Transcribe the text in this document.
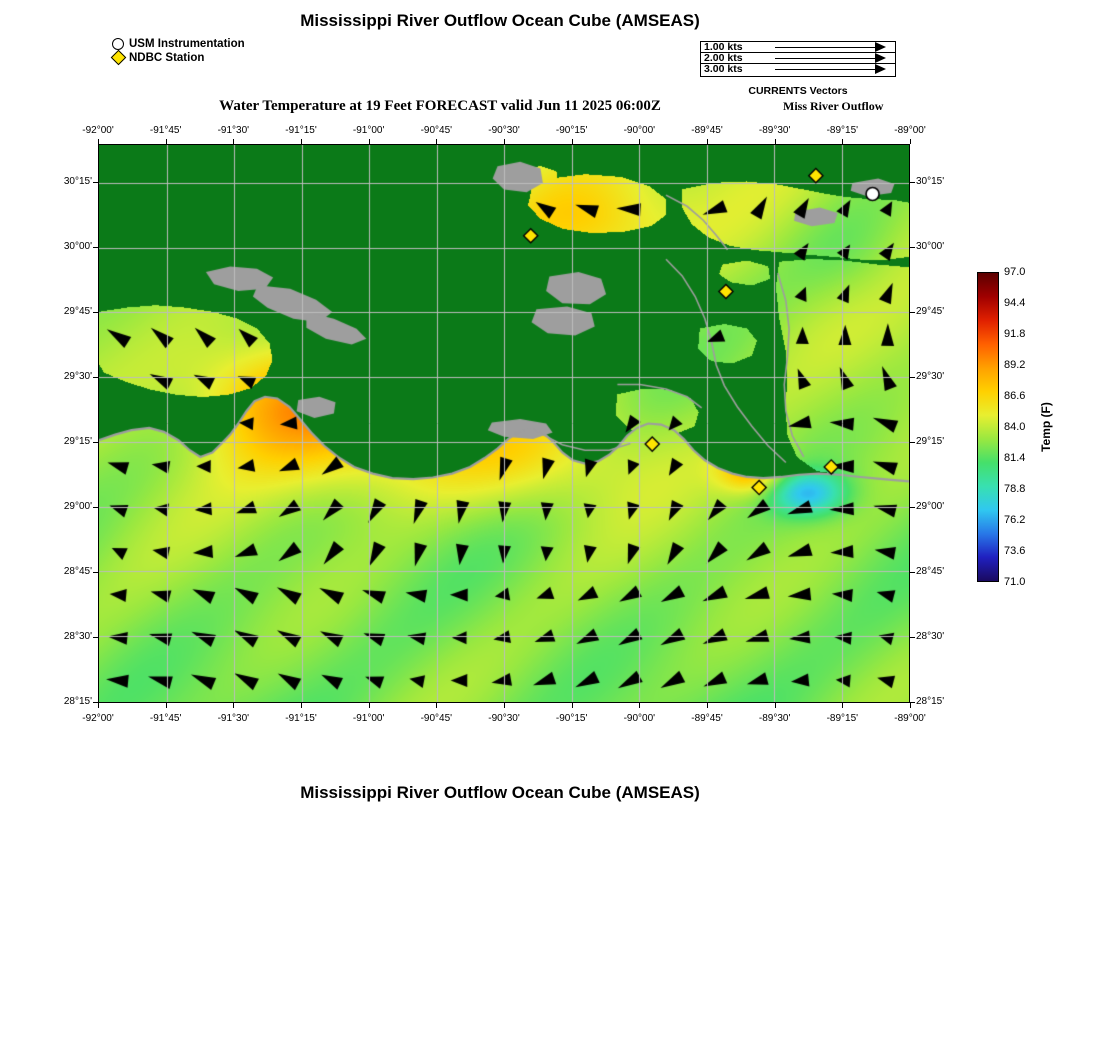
Mississippi River Outflow Ocean Cube (AMSEAS)
USM Instrumentation
NDBC Station
1.00 kts
2.00 kts
3.00 kts
CURRENTS Vectors
Water Temperature at 19 Feet FORECAST valid Jun 11 2025 06:00Z	Miss River Outflow
-92°00'
-92°00'
-91°45'
-91°45'
-91°30'
-91°30'
-91°15'
-91°15'
-91°00'
-91°00'
-90°45'
-90°45'
-90°30'
-90°30'
-90°15'
-90°15'
-90°00'
-90°00'
-89°45'
-89°45'
-89°30'
-89°30'
-89°15'
-89°15'
-89°00'
-89°00'
30°15'	30°15'
30°00'	30°00'
29°45'	29°45'
29°30'	29°30'
29°15'	29°15'
29°00'	29°00'
28°45'	28°45'
28°30'	28°30'
28°15'	28°15'
97.0
94.4
91.8
89.2
86.6
84.0
81.4
78.8
76.2
73.6
71.0
Temp (F)
Mississippi River Outflow Ocean Cube (AMSEAS)
